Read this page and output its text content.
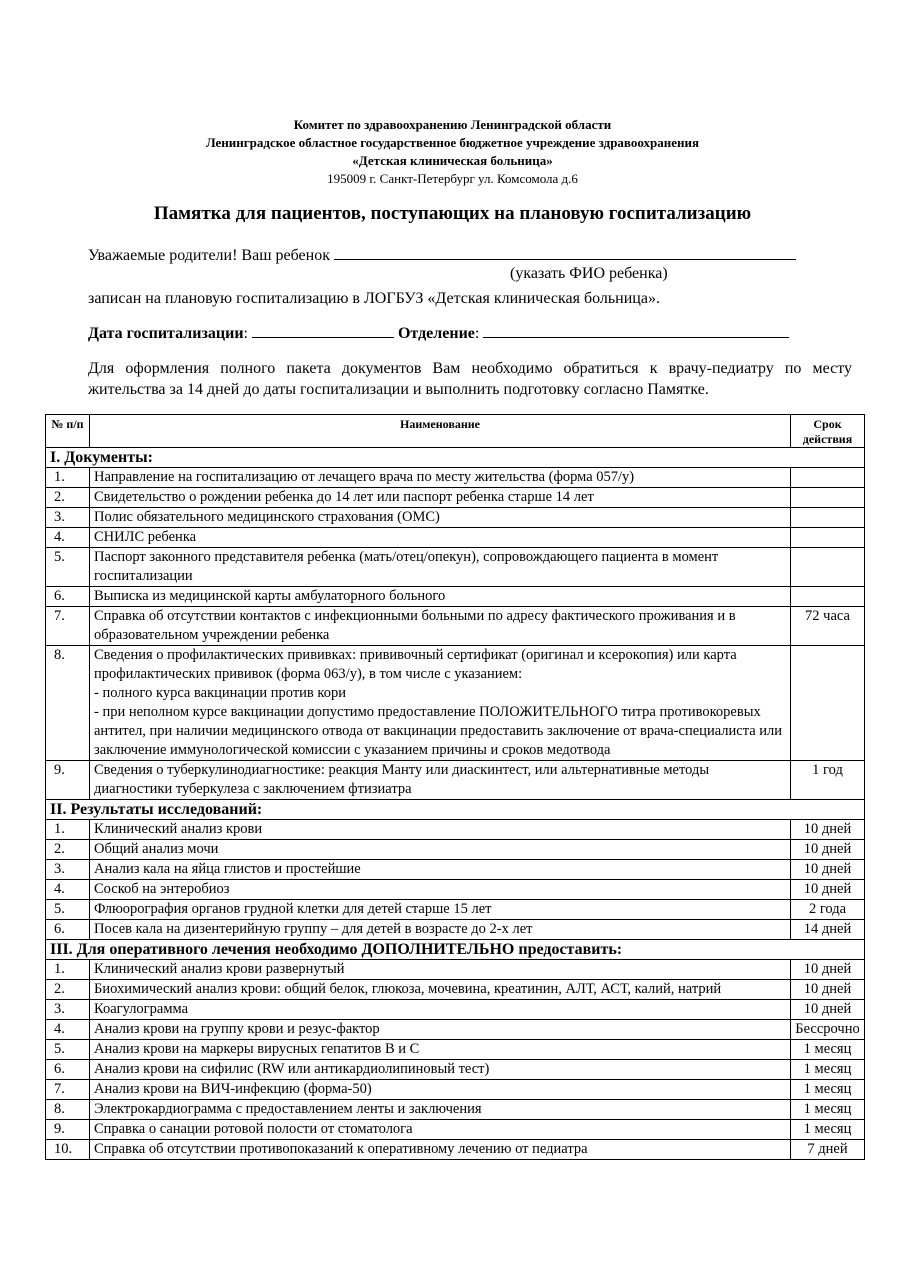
Комитет по здравоохранению Ленинградской области
Ленинградское областное государственное бюджетное учреждение здравоохранения
«Детская клиническая больница»
195009 г. Санкт-Петербург ул. Комсомола д.6
Памятка для пациентов, поступающих на плановую госпитализацию
Уважаемые родители! Ваш ребенок
(указать ФИО ребенка)
записан на плановую госпитализацию в ЛОГБУЗ «Детская клиническая больница».
Дата госпитализации:	Отделение:
Для оформления полного пакета документов Вам необходимо обратиться к врачу-педиатру по месту жительства за 14 дней до даты госпитализации и выполнить подготовку согласно Памятке.
№ п/п	Наименование	Срок действия
I. Документы:		
1.	Направление на госпитализацию от лечащего врача по месту жительства (форма 057/у)	

2.	Свидетельство о рождении ребенка до 14 лет или паспорт ребенка старше 14 лет	

3.	Полис обязательного медицинского страхования (ОМС)	

4.	СНИЛС ребенка	

5.	Паспорт законного представителя ребенка (мать/отец/опекун), сопровождающего пациента в момент госпитализации	

6.	Выписка из медицинской карты амбулаторного больного	

7.	Справка об отсутствии контактов с инфекционными больными по адресу фактического проживания и в образовательном учреждении ребенка	72 часа
8.	Сведения о профилактических прививках: прививочный сертификат (оригинал и ксерокопия) или карта профилактических прививок (форма 063/у), в том числе с указанием:
- полного курса вакцинации против кори
- при неполном курсе вакцинации допустимо предоставление ПОЛОЖИТЕЛЬНОГО титра противокоревых антител, при наличии медицинского отвода от вакцинации предоставить заключение от врача-специалиста или заключение иммунологической комиссии с указанием причины и сроков медотвода	

9.	Сведения о туберкулинодиагностике: реакция Манту или диаскинтест, или альтернативные методы диагностики туберкулеза с заключением фтизиатра	1 год
II. Результаты исследований:		
1.	Клинический анализ крови	10 дней
2.	Общий анализ мочи	10 дней
3.	Анализ кала на яйца глистов и простейшие	10 дней
4.	Соскоб на энтеробиоз	10 дней
5.	Флюорография органов грудной клетки для детей старше 15 лет	2 года
6.	Посев кала на дизентерийную группу – для детей в возрасте до 2-х лет	14 дней
III. Для оперативного лечения необходимо ДОПОЛНИТЕЛЬНО предоставить:		
1.	Клинический анализ крови развернутый	10 дней
2.	Биохимический анализ крови: общий белок, глюкоза, мочевина, креатинин, АЛТ, АСТ, калий, натрий	10 дней
3.	Коагулограмма	10 дней
4.	Анализ крови на группу крови и резус-фактор	Бессрочно
5.	Анализ крови на маркеры вирусных гепатитов В и С	1 месяц
6.	Анализ крови на сифилис (RW или антикардиолипиновый тест)	1 месяц
7.	Анализ крови на ВИЧ-инфекцию (форма-50)	1 месяц
8.	Электрокардиограмма с предоставлением ленты и заключения	1 месяц
9.	Справка о санации ротовой полости от стоматолога	1 месяц
10.	Справка об отсутствии противопоказаний к оперативному лечению от педиатра	7 дней
